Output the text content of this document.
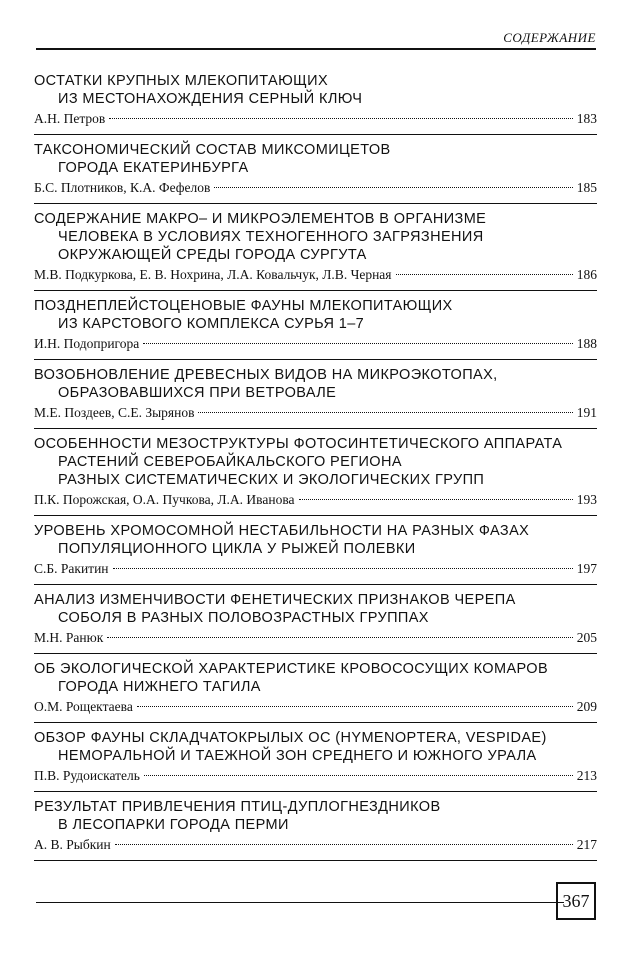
СОДЕРЖАНИЕ
ОСТАТКИ КРУПНЫХ МЛЕКОПИТАЮЩИХ
ИЗ МЕСТОНАХОЖДЕНИЯ СЕРНЫЙ КЛЮЧ
А.Н. Петров	183
ТАКСОНОМИЧЕСКИЙ СОСТАВ МИКСОМИЦЕТОВ
ГОРОДА ЕКАТЕРИНБУРГА
Б.С. Плотников, К.А. Фефелов	185
СОДЕРЖАНИЕ МАКРО– И МИКРОЭЛЕМЕНТОВ В ОРГАНИЗМЕ
ЧЕЛОВЕКА В УСЛОВИЯХ ТЕХНОГЕННОГО ЗАГРЯЗНЕНИЯ
ОКРУЖАЮЩЕЙ СРЕДЫ ГОРОДА СУРГУТА
М.В. Подкуркова, Е. В. Нохрина, Л.А. Ковальчук, Л.В. Черная	186
ПОЗДНЕПЛЕЙСТОЦЕНОВЫЕ ФАУНЫ МЛЕКОПИТАЮЩИХ
ИЗ КАРСТОВОГО КОМПЛЕКСА СУРЬЯ 1–7
И.Н. Подопригора	188
ВОЗОБНОВЛЕНИЕ ДРЕВЕСНЫХ ВИДОВ НА МИКРОЭКОТОПАХ,
ОБРАЗОВАВШИХСЯ ПРИ ВЕТРОВАЛЕ
М.Е. Поздеев, С.Е. Зырянов	191
ОСОБЕННОСТИ МЕЗОСТРУКТУРЫ ФОТОСИНТЕТИЧЕСКОГО АППАРАТА
РАСТЕНИЙ СЕВЕРОБАЙКАЛЬСКОГО РЕГИОНА
РАЗНЫХ СИСТЕМАТИЧЕСКИХ И ЭКОЛОГИЧЕСКИХ ГРУПП
П.К. Порожская, О.А. Пучкова, Л.А. Иванова	193
УРОВЕНЬ ХРОМОСОМНОЙ НЕСТАБИЛЬНОСТИ НА РАЗНЫХ ФАЗАХ
ПОПУЛЯЦИОННОГО ЦИКЛА У РЫЖЕЙ ПОЛЕВКИ
С.Б. Ракитин	197
АНАЛИЗ ИЗМЕНЧИВОСТИ ФЕНЕТИЧЕСКИХ ПРИЗНАКОВ ЧЕРЕПА
СОБОЛЯ В РАЗНЫХ ПОЛОВОЗРАСТНЫХ ГРУППАХ
М.Н. Ранюк	205
ОБ ЭКОЛОГИЧЕСКОЙ ХАРАКТЕРИСТИКЕ КРОВОСОСУЩИХ КОМАРОВ
ГОРОДА НИЖНЕГО ТАГИЛА
О.М. Рощектаева	209
ОБЗОР ФАУНЫ СКЛАДЧАТОКРЫЛЫХ ОС (HYMENOPTERA, VESPIDAE)
НЕМОРАЛЬНОЙ И ТАЕЖНОЙ ЗОН СРЕДНЕГО И ЮЖНОГО УРАЛА
П.В. Рудоискатель	213
РЕЗУЛЬТАТ ПРИВЛЕЧЕНИЯ ПТИЦ-ДУПЛОГНЕЗДНИКОВ
В ЛЕСОПАРКИ ГОРОДА ПЕРМИ
А. В. Рыбкин	217
367
